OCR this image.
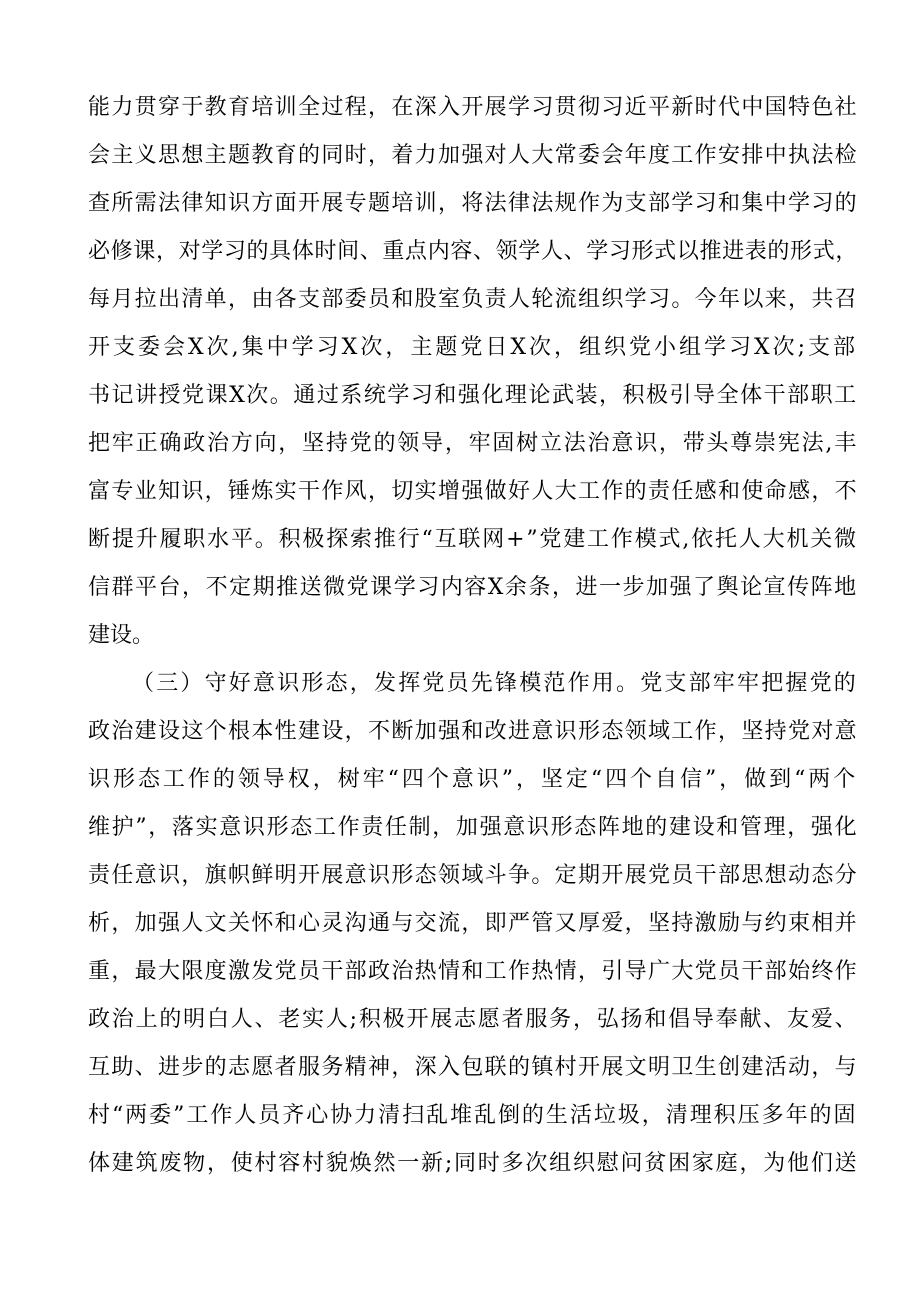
能力贯穿于教育培训全过程，在深入开展学习贯彻习近平新时代中国特色社
会主义思想主题教育的同时，着力加强对人大常委会年度工作安排中执法检
查所需法律知识方面开展专题培训，将法律法规作为支部学习和集中学习的
必修课，对学习的具体时间、重点内容、领学人、学习形式以推进表的形式，
每月拉出清单，由各支部委员和股室负责人轮流组织学习。今年以来，共召
开支委会X次,集中学习X次，主题党日X次，组织党小组学习X次;支部
书记讲授党课X次。通过系统学习和强化理论武装，积极引导全体干部职工
把牢正确政治方向，坚持党的领导，牢固树立法治意识，带头尊崇宪法,丰
富专业知识，锤炼实干作风，切实增强做好人大工作的责任感和使命感，不
断提升履职水平。积极探索推行“互联网+”党建工作模式,依托人大机关微
信群平台，不定期推送微党课学习内容X余条，进一步加强了舆论宣传阵地
建设。
（三）守好意识形态，发挥党员先锋模范作用。党支部牢牢把握党的
政治建设这个根本性建设，不断加强和改进意识形态领域工作，坚持党对意
识形态工作的领导权，树牢“四个意识”，坚定“四个自信”，做到“两个
维护”，落实意识形态工作责任制，加强意识形态阵地的建设和管理，强化
责任意识，旗帜鲜明开展意识形态领域斗争。定期开展党员干部思想动态分
析，加强人文关怀和心灵沟通与交流，即严管又厚爱，坚持激励与约束相并
重，最大限度激发党员干部政治热情和工作热情，引导广大党员干部始终作
政治上的明白人、老实人;积极开展志愿者服务，弘扬和倡导奉献、友爱、
互助、进步的志愿者服务精神，深入包联的镇村开展文明卫生创建活动，与
村“两委”工作人员齐心协力清扫乱堆乱倒的生活垃圾，清理积压多年的固
体建筑废物，使村容村貌焕然一新;同时多次组织慰问贫困家庭，为他们送
